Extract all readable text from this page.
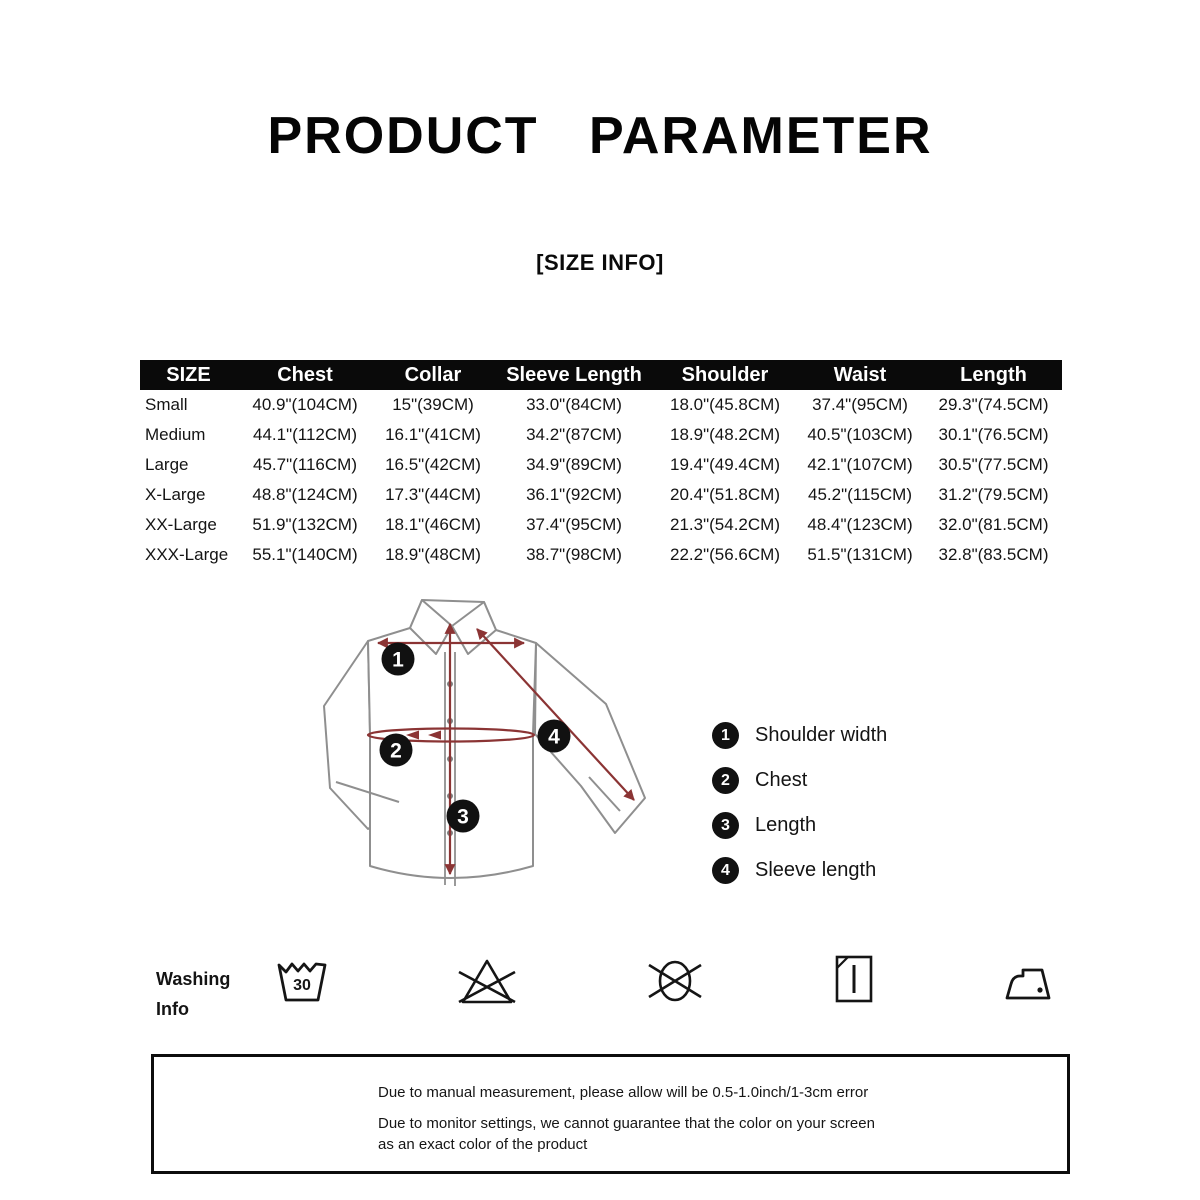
PRODUCT PARAMETER
[SIZE INFO]
SIZE	Chest	Collar	Sleeve Length	Shoulder	Waist	Length
Small	40.9"(104CM)	15"(39CM)	33.0"(84CM)	18.0"(45.8CM)	37.4"(95CM)	29.3"(74.5CM)
Medium	44.1"(112CM)	16.1"(41CM)	34.2"(87CM)	18.9"(48.2CM)	40.5"(103CM)	30.1"(76.5CM)
Large	45.7"(116CM)	16.5"(42CM)	34.9"(89CM)	19.4"(49.4CM)	42.1"(107CM)	30.5"(77.5CM)
X-Large	48.8"(124CM)	17.3"(44CM)	36.1"(92CM)	20.4"(51.8CM)	45.2"(115CM)	31.2"(79.5CM)
XX-Large	51.9"(132CM)	18.1"(46CM)	37.4"(95CM)	21.3"(54.2CM)	48.4"(123CM)	32.0"(81.5CM)
XXX-Large	55.1"(140CM)	18.9"(48CM)	38.7"(98CM)	22.2"(56.6CM)	51.5"(131CM)	32.8"(83.5CM)
1
2
3
4	1	Shoulder width
2	Chest
3	Length
4	Sleeve length
Washing
Info
30
Due to manual measurement, please allow will be 0.5-1.0inch/1-3cm error
Due to monitor settings, we cannot guarantee that the color on your screen
as an exact color of the product
